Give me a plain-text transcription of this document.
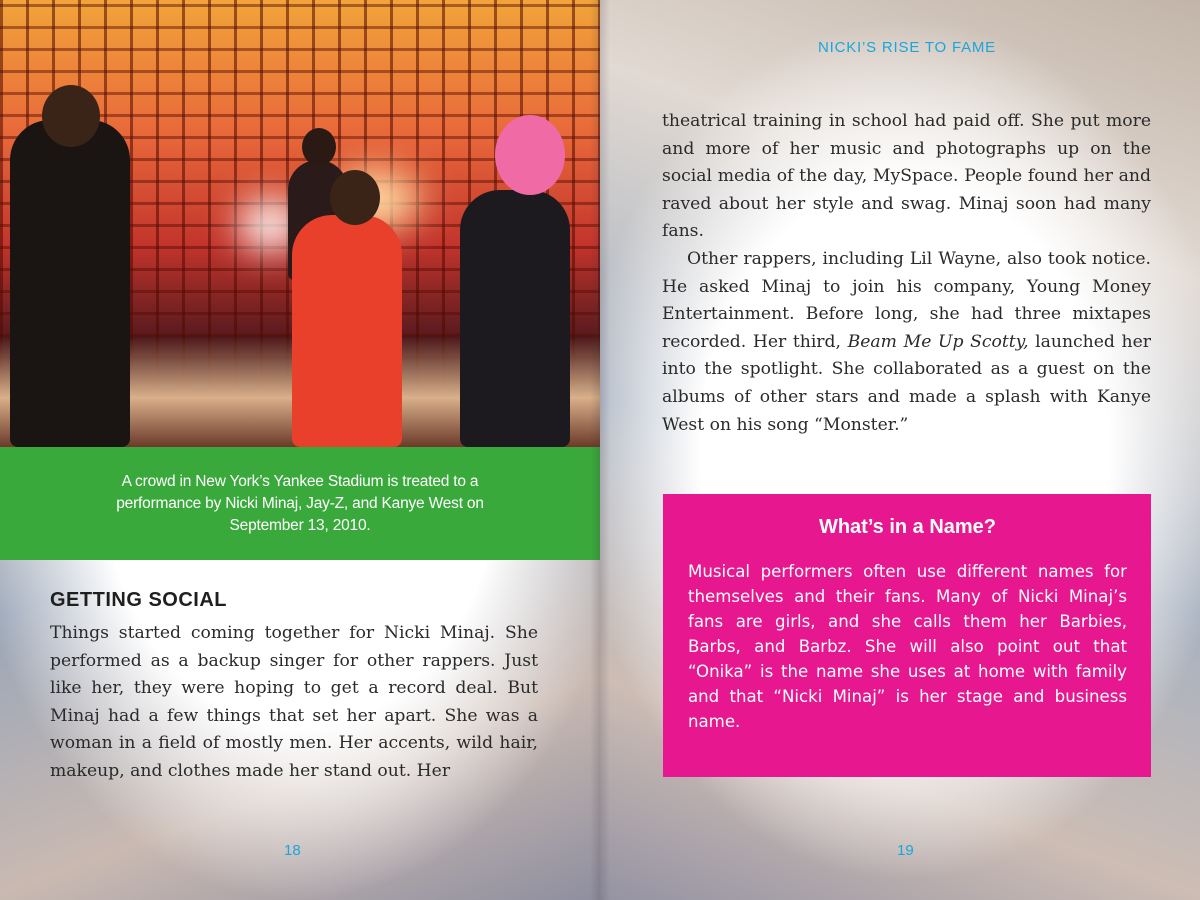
A crowd in New York’s Yankee Stadium is treated to a performance by Nicki Minaj, Jay-Z, and Kanye West on September 13, 2010.
GETTING SOCIAL

Things started coming together for Nicki Minaj. She performed as a backup singer for other rappers. Just like her, they were hoping to get a record deal. But Minaj had a few things that set her apart. She was a woman in a field of mostly men. Her accents, wild hair, makeup, and clothes made her stand out. Her

18
NICKI’S RISE TO FAME

theatrical training in school had paid off. She put more and more of her music and photographs up on the social media of the day, MySpace. People found her and raved about her style and swag. Minaj soon had many fans.

Other rappers, including Lil Wayne, also took notice. He asked Minaj to join his company, Young Money Entertainment. Before long, she had three mixtapes recorded. Her third, Beam Me Up Scotty, launched her into the spotlight. She collaborated as a guest on the albums of other stars and made a splash with Kanye West on his song “Monster.”

What’s in a Name?

Musical performers often use different names for themselves and their fans. Many of Nicki Minaj’s fans are girls, and she calls them her Barbies, Barbs, and Barbz. She will also point out that “Onika” is the name she uses at home with family and that “Nicki Minaj” is her stage and business name.

19
